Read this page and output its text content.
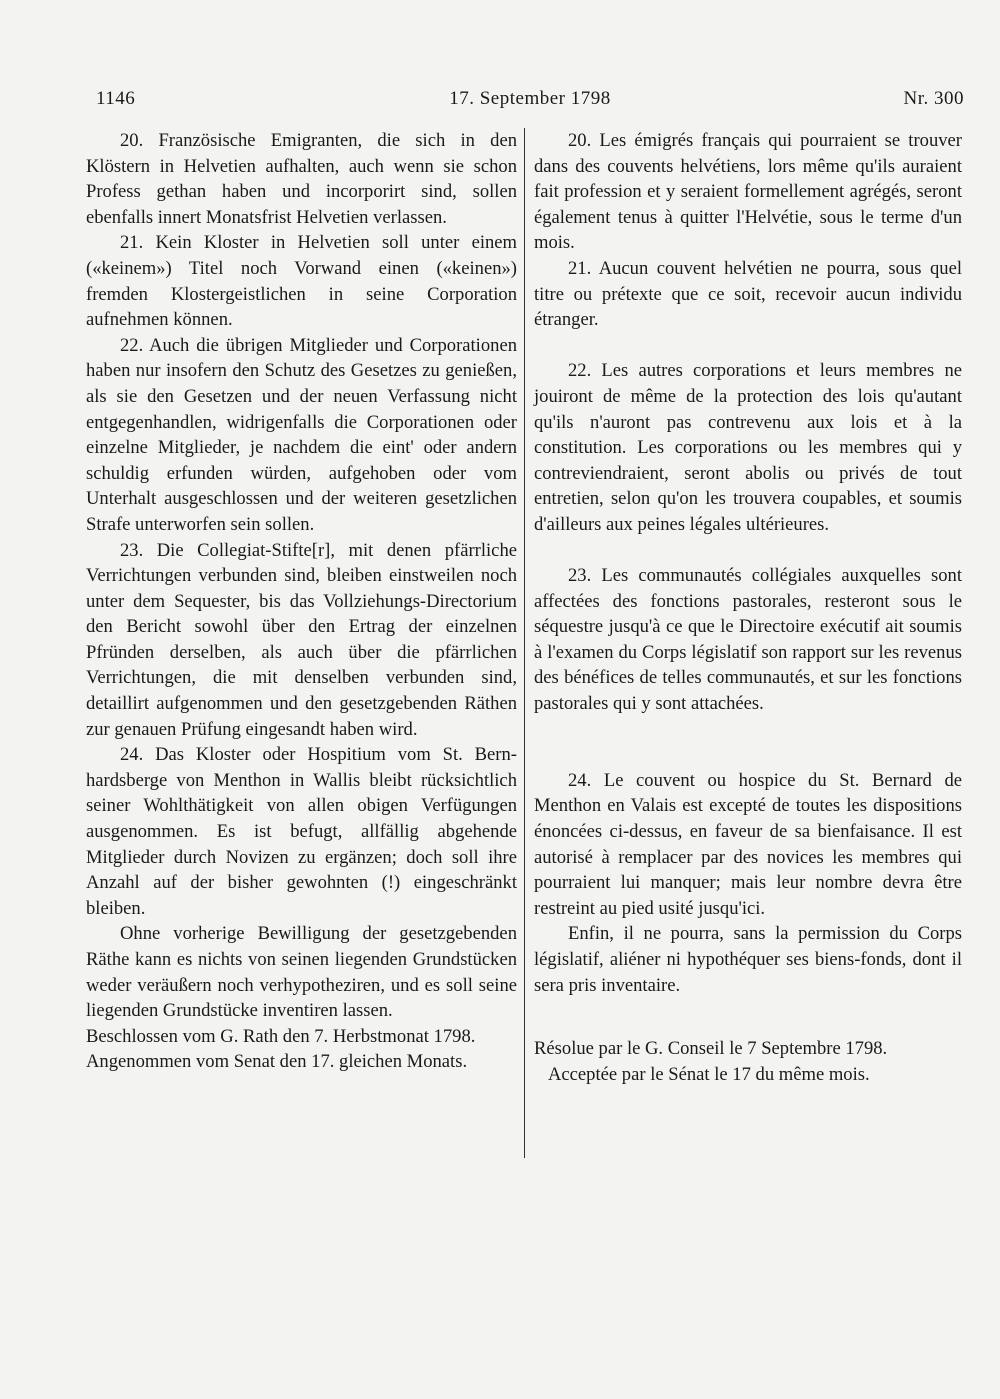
1146	17. September 1798	Nr. 300

20. Französische Emigranten, die sich in den Klöstern in Helvetien aufhalten, auch wenn sie schon Profess gethan haben und incorporirt sind, sollen ebenfalls innert Monatsfrist Helvetien verlassen.

21. Kein Kloster in Helvetien soll unter einem («keinem») Titel noch Vorwand einen («keinen») fremden Klostergeistlichen in seine Corporation aufnehmen können.

22. Auch die übrigen Mitglieder und Corporationen haben nur insofern den Schutz des Gesetzes zu genießen, als sie den Gesetzen und der neuen Verfassung nicht entgegenhandlen, widrigenfalls die Corporationen oder einzelne Mitglieder, je nachdem die eint' oder andern schuldig erfunden würden, aufgehoben oder vom Unterhalt ausgeschlossen und der weiteren gesetzlichen Strafe unterworfen sein sollen.

23. Die Collegiat-Stifte[r], mit denen pfärrliche Verrichtungen verbunden sind, bleiben einstweilen noch unter dem Sequester, bis das Vollziehungs-Directorium den Bericht sowohl über den Ertrag der einzelnen Pfründen derselben, als auch über die pfärrlichen Verrichtungen, die mit denselben verbunden sind, detaillirt aufgenommen und den gesetzgebenden Räthen zur genauen Prüfung eingesandt haben wird.

24. Das Kloster oder Hospitium vom St. Bernhardsberge von Menthon in Wallis bleibt rücksichtlich seiner Wohlthätigkeit von allen obigen Verfügungen ausgenommen. Es ist befugt, allfällig abgehende Mitglieder durch Novizen zu ergänzen; doch soll ihre Anzahl auf der bisher gewohnten (!) eingeschränkt bleiben.

Ohne vorherige Bewilligung der gesetzgebenden Räthe kann es nichts von seinen liegenden Grundstücken weder veräußern noch verhypotheziren, und es soll seine liegenden Grundstücke inventiren lassen.

Beschlossen vom G. Rath den 7. Herbstmonat 1798.

Angenommen vom Senat den 17. gleichen Monats.

20. Les émigrés français qui pourraient se trouver dans des couvents helvétiens, lors même qu'ils auraient fait profession et y seraient formellement agrégés, seront également tenus à quitter l'Helvétie, sous le terme d'un mois.

21. Aucun couvent helvétien ne pourra, sous quel titre ou prétexte que ce soit, recevoir aucun individu étranger.

22. Les autres corporations et leurs membres ne jouiront de même de la protection des lois qu'autant qu'ils n'auront pas contrevenu aux lois et à la constitution. Les corporations ou les membres qui y contreviendraient, seront abolis ou privés de tout entretien, selon qu'on les trouvera coupables, et soumis d'ailleurs aux peines légales ultérieures.

23. Les communautés collégiales auxquelles sont affectées des fonctions pastorales, resteront sous le séquestre jusqu'à ce que le Directoire exécutif ait soumis à l'examen du Corps législatif son rapport sur les revenus des bénéfices de telles communautés, et sur les fonctions pastorales qui y sont attachées.

24. Le couvent ou hospice du St. Bernard de Menthon en Valais est excepté de toutes les dispositions énoncées ci-dessus, en faveur de sa bienfaisance. Il est autorisé à remplacer par des novices les membres qui pourraient lui manquer; mais leur nombre devra être restreint au pied usité jusqu'ici.

Enfin, il ne pourra, sans la permission du Corps législatif, aliéner ni hypothéquer ses biens-fonds, dont il sera pris inventaire.

Résolue par le G. Conseil le 7 Septembre 1798.

Acceptée par le Sénat le 17 du même mois.
